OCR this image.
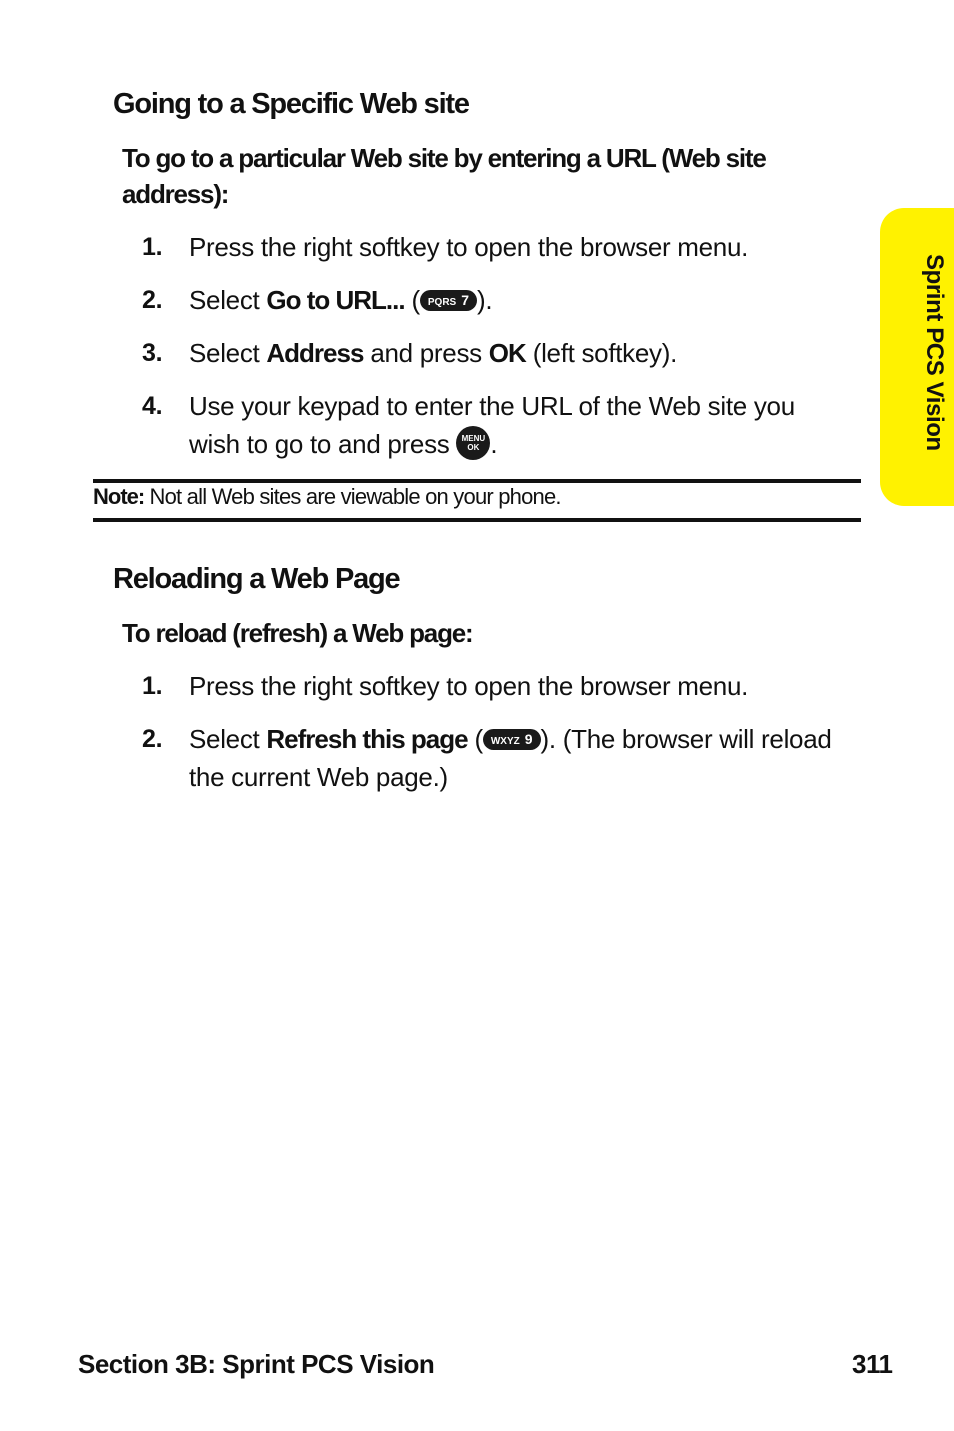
Going to a Specific Web site
To go to a particular Web site by entering a URL (Web site address):
1. Press the right softkey to open the browser menu.
2. Select Go to URL... ( PQRS 7 ).
3. Select Address and press OK (left softkey).
4. Use your keypad to enter the URL of the Web site you wish to go to and press MENU
OK .
Note: Not all Web sites are viewable on your phone.
Reloading a Web Page
To reload (refresh) a Web page:
1. Press the right softkey to open the browser menu.
2. Select Refresh this page ( WXYZ 9 ). (The browser will reload the current Web page.)
Sprint PCS Vision
Section 3B: Sprint PCS Vision	311
